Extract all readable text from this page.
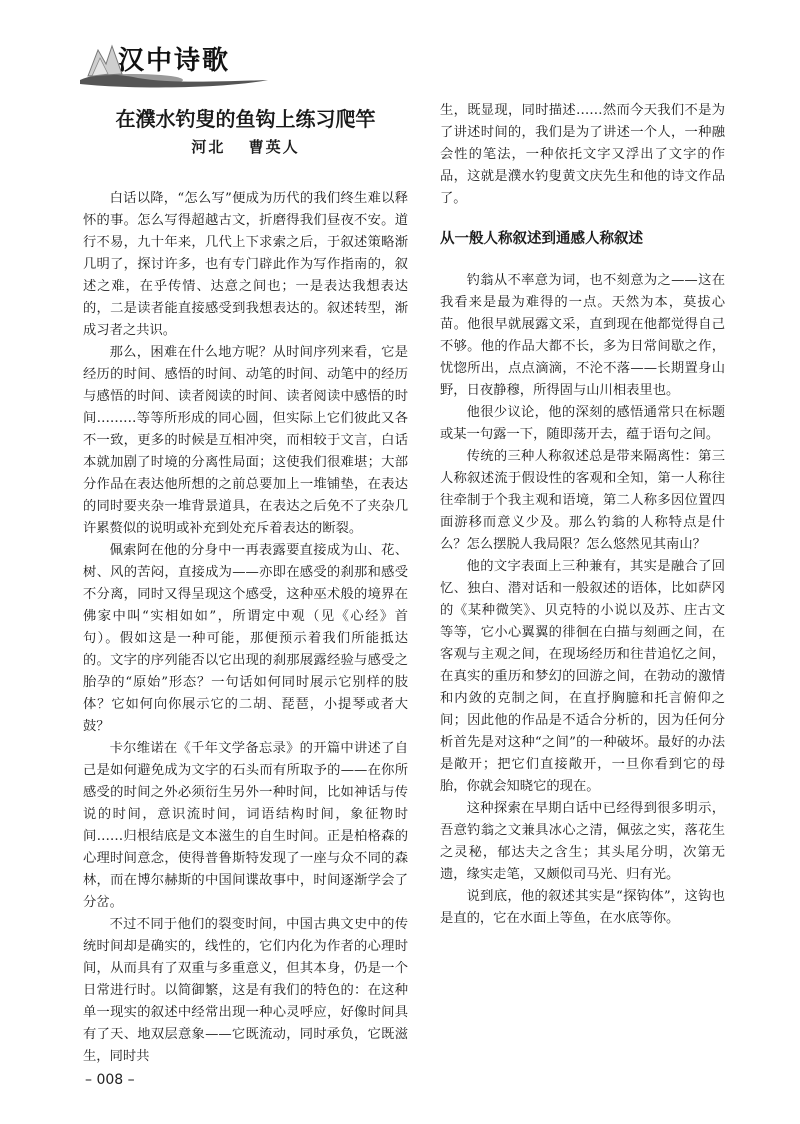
汉中诗歌
在濮水钓叟的鱼钩上练习爬竿
河北 曹英人

白话以降，“怎么写”便成为历代的我们终生难以释怀的事。怎么写得超越古文，折磨得我们昼夜不安。道行不易，九十年来，几代上下求索之后，于叙述策略渐几明了，探讨许多，也有专门辟此作为写作指南的，叙述之难，在乎传情、达意之间也；一是表达我想表达的，二是读者能直接感受到我想表达的。叙述转型，渐成习者之共识。

那么，困难在什么地方呢？从时间序列来看，它是经历的时间、感悟的时间、动笔的时间、动笔中的经历与感悟的时间、读者阅读的时间、读者阅读中感悟的时间………等等所形成的同心圆，但实际上它们彼此又各不一致，更多的时候是互相冲突，而相较于文言，白话本就加剧了时境的分离性局面；这使我们很难堪；大部分作品在表达他所想的之前总要加上一堆铺垫，在表达的同时要夹杂一堆背景道具，在表达之后免不了夹杂几许累赘似的说明或补充到处充斥着表达的断裂。

佩索阿在他的分身中一再表露要直接成为山、花、树、风的苦闷，直接成为——亦即在感受的刹那和感受不分离，同时又得呈现这个感受，这种巫术般的境界在佛家中叫“实相如如”，所谓定中观（见《心经》首句）。假如这是一种可能，那便预示着我们所能抵达的。文字的序列能否以它出现的刹那展露经验与感受之胎孕的“原始”形态？一句话如何同时展示它别样的肢体？它如何向你展示它的二胡、琵琶，小提琴或者大鼓？

卡尔维诺在《千年文学备忘录》的开篇中讲述了自己是如何避免成为文字的石头而有所取予的——在你所感受的时间之外必须衍生另外一种时间，比如神话与传说的时间，意识流时间，词语结构时间，象征物时间……归根结底是文本滋生的自生时间。正是柏格森的心理时间意念，使得普鲁斯特发现了一座与众不同的森林，而在博尔赫斯的中国间谍故事中，时间逐渐学会了分岔。

不过不同于他们的裂变时间，中国古典文史中的传统时间却是确实的，线性的，它们内化为作者的心理时间，从而具有了双重与多重意义，但其本身，仍是一个日常进行时。以简御繁，这是有我们的特色的：在这种单一现实的叙述中经常出现一种心灵呼应，好像时间具有了天、地双层意象——它既流动，同时承负，它既滋生，同时共

生，既显现，同时描述……然而今天我们不是为了讲述时间的，我们是为了讲述一个人，一种融会性的笔法，一种依托文字又浮出了文字的作品，这就是濮水钓叟黄文庆先生和他的诗文作品了。

从一般人称叙述到通感人称叙述

钓翁从不率意为词，也不刻意为之——这在我看来是最为难得的一点。天然为本，莫拔心苗。他很早就展露文采，直到现在他都觉得自己不够。他的作品大都不长，多为日常间歇之作，忧惚所出，点点滴滴，不沦不落——长期置身山野，日夜静穆，所得固与山川相表里也。

他很少议论，他的深刻的感悟通常只在标题或某一句露一下，随即荡开去，蕴于语句之间。

传统的三种人称叙述总是带来隔离性：第三人称叙述流于假设性的客观和全知，第一人称往往牵制于个我主观和语境，第二人称多因位置四面游移而意义少及。那么钓翁的人称特点是什么？怎么摆脱人我局限？怎么悠然见其南山？

他的文字表面上三种兼有，其实是融合了回忆、独白、潜对话和一般叙述的语体，比如萨冈的《某种微笑》、贝克特的小说以及苏、庄古文等等，它小心翼翼的徘徊在白描与刻画之间，在客观与主观之间，在现场经历和往昔追忆之间，在真实的重历和梦幻的回游之间，在勃动的激情和内敛的克制之间，在直抒胸臆和托言俯仰之间；因此他的作品是不适合分析的，因为任何分析首先是对这种“之间”的一种破坏。最好的办法是敞开；把它们直接敞开，一旦你看到它的母胎，你就会知晓它的现在。

这种探索在早期白话中已经得到很多明示，吾意钓翁之文兼具冰心之清，佩弦之实，落花生之灵秘，郁达夫之含生；其头尾分明，次第无遗，缘实走笔，又颇似司马光、归有光。

说到底，他的叙述其实是“探钩体”，这钩也是直的，它在水面上等鱼，在水底等你。

– 008 –
